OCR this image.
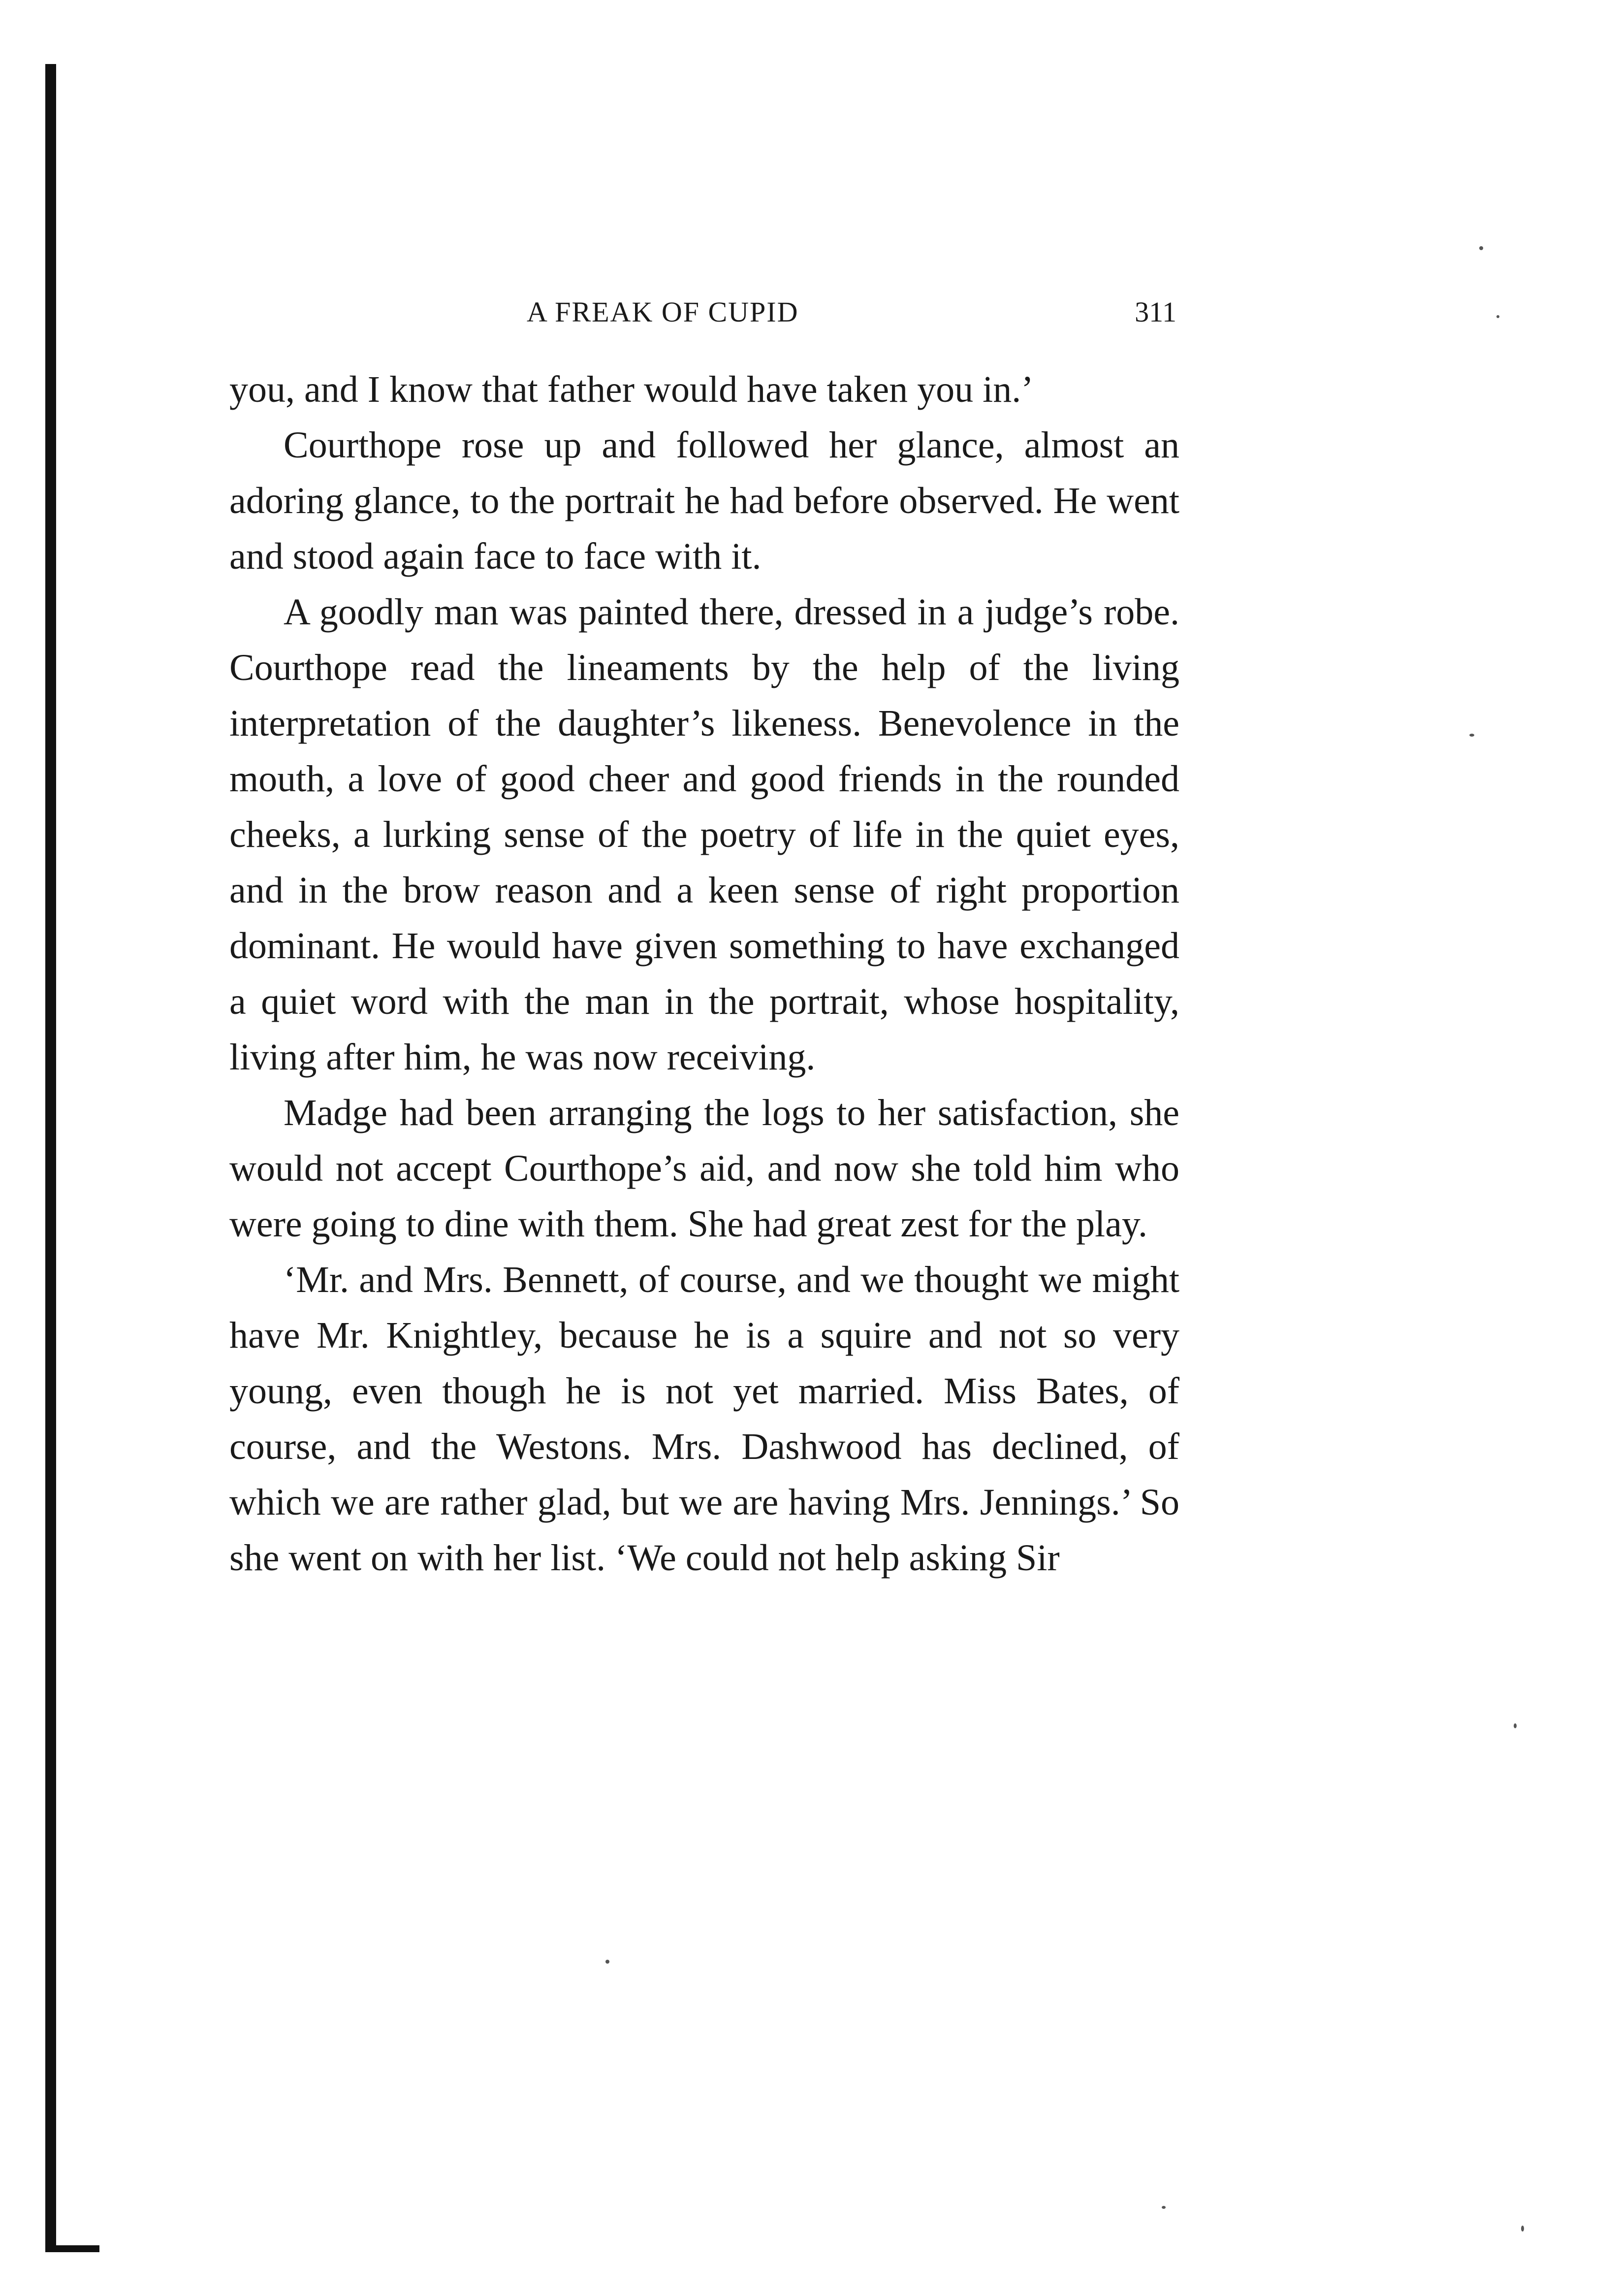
A FREAK OF CUPID	311

you, and I know that father would have taken you in.’

Courthope rose up and followed her glance, almost an adoring glance, to the portrait he had before observed. He went and stood again face to face with it.

A goodly man was painted there, dressed in a judge’s robe. Courthope read the lineaments by the help of the living interpretation of the daughter’s likeness. Benevolence in the mouth, a love of good cheer and good friends in the rounded cheeks, a lurking sense of the poetry of life in the quiet eyes, and in the brow reason and a keen sense of right proportion dominant. He would have given something to have exchanged a quiet word with the man in the portrait, whose hospitality, living after him, he was now receiving.

Madge had been arranging the logs to her satisfaction, she would not accept Courthope’s aid, and now she told him who were going to dine with them. She had great zest for the play.

‘Mr. and Mrs. Bennett, of course, and we thought we might have Mr. Knightley, because he is a squire and not so very young, even though he is not yet married. Miss Bates, of course, and the Westons. Mrs. Dashwood has declined, of which we are rather glad, but we are having Mrs. Jennings.’ So she went on with her list. ‘We could not help asking Sir
